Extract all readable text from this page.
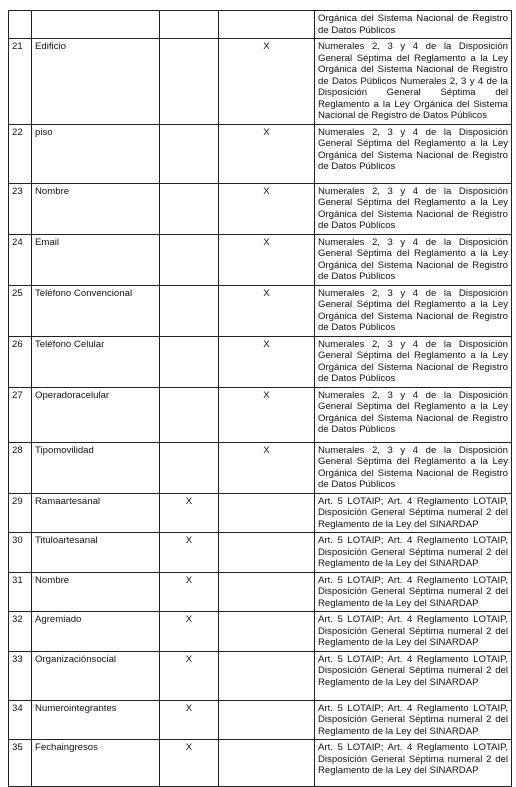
				Orgánica del Sistema Nacional de Registro de Datos Públicos
21	Edificio		X	Numerales 2, 3 y 4 de la Disposición General Séptima del Reglamento a la Ley Orgánica del Sistema Nacional de Registro de Datos Públicos Numerales 2, 3 y 4 de la Disposición General Séptima del Reglamento a la Ley Orgánica del Sistema Nacional de Registro de Datos Públicos
22	piso		X	Numerales 2, 3 y 4 de la Disposición General Séptima del Reglamento a la Ley Orgánica del Sistema Nacional de Registro de Datos Públicos
23	Nombre		X	Numerales 2, 3 y 4 de la Disposición General Séptima del Reglamento a la Ley Orgánica del Sistema Nacional de Registro de Datos Públicos
24	Email		X	Numerales 2, 3 y 4 de la Disposición General Séptima del Reglamento a la Ley Orgánica del Sistema Nacional de Registro de Datos Públicos
25	Teléfono Convencional		X	Numerales 2, 3 y 4 de la Disposición General Séptima del Reglamento a la Ley Orgánica del Sistema Nacional de Registro de Datos Públicos
26	Teléfono Celular		X	Numerales 2, 3 y 4 de la Disposición General Séptima del Reglamento a la Ley Orgánica del Sistema Nacional de Registro de Datos Públicos
27	Operadoracelular		X	Numerales 2, 3 y 4 de la Disposición General Séptima del Reglamento a la Ley Orgánica del Sistema Nacional de Registro de Datos Públicos
28	Tipomovilidad		X	Numerales 2, 3 y 4 de la Disposición General Séptima del Reglamento a la Ley Orgánica del Sistema Nacional de Registro de Datos Públicos
29	Ramaartesanal	X		Art. 5 LOTAIP; Art. 4 Reglamento LOTAIP, Disposición General Séptima numeral 2 del Reglamento de la Ley del SINARDAP
30	Tituloartesanal	X		Art. 5 LOTAIP; Art. 4 Reglamento LOTAIP, Disposición General Séptima numeral 2 del Reglamento de la Ley del SINARDAP
31	Nombre	X		Art. 5 LOTAIP; Art. 4 Reglamento LOTAIP, Disposición General Séptima numeral 2 del Reglamento de la Ley del SINARDAP
32	Agremiado	X		Art. 5 LOTAIP; Art. 4 Reglamento LOTAIP, Disposición General Séptima numeral 2 del Reglamento de la Ley del SINARDAP
33	Organizaciónsocial	X		Art. 5 LOTAIP; Art. 4 Reglamento LOTAIP, Disposición General Séptima numeral 2 del Reglamento de la Ley del SINARDAP
34	Numerointegrantes	X		Art. 5 LOTAIP; Art. 4 Reglamento LOTAIP, Disposición General Séptima numeral 2 del Reglamento de la Ley del SINARDAP
35	Fechaingresos	X		Art. 5 LOTAIP; Art. 4 Reglamento LOTAIP, Disposición General Séptima numeral 2 del Reglamento de la Ley del SINARDAP
